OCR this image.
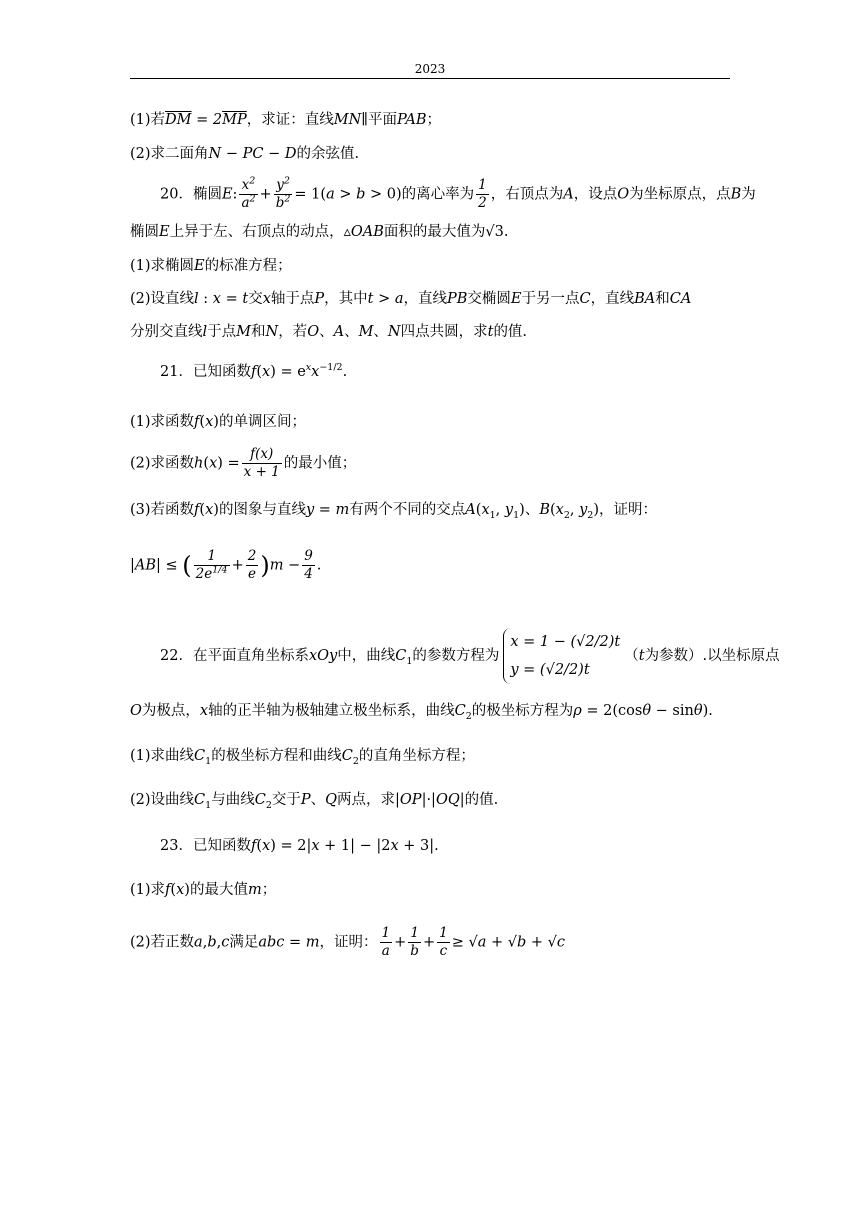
2023
(1)若$\overline{DM} = 2\overline{MP}$，求证：直线MN∥平面PAB；
(2)求二面角N − PC − D的余弦值.
20．椭圆E: $\frac{x^2}{a^2} + \frac{y^2}{b^2} = 1(a > b > 0)$的离心率为 $\frac{1}{2}$ ，右顶点为A，设点O为坐标原点，点B为
椭圆E上异于左、右顶点的动点，▵OAB面积的最大值为√3.
(1)求椭圆E的标准方程；
(2)设直线l : x = t交x轴于点P，其中t > a，直线PB交椭圆E于另一点C，直线BA和CA
分别交直线l于点M和N，若O、A、M、N四点共圆，求t的值.
21．已知函数$f(x) = e^xx^{-1/2}$.
(1)求函数f(x)的单调区间；
(2)求函数$h(x) = \frac{f(x)}{x + 1}$ 的最小值；
(3)若函数f(x)的图象与直线y = m有两个不同的交点$A(x_1$, $y_1$)、$B(x_2$, $y_2$)，证明：
|AB| ≤ ( $\frac{1}{2e^{1/4}} + \frac{2}{e} )m - \frac{9}{4}$ .
22．在平面直角坐标系xOy中，曲线$C_1$的参数方程为
x = 1 − (√2/2)t
y = (√2/2)t
（t为参数）.以坐标原点
O为极点，x轴的正半轴为极轴建立极坐标系，曲线$C_2$的极坐标方程为ρ = 2(cosθ − sinθ).
(1)求曲线$C_1$的极坐标方程和曲线$C_2$的直角坐标方程；
(2)设曲线$C_1$与曲线$C_2$交于P、Q两点，求|OP|·|OQ|的值.
23．已知函数f(x) = 2|x + 1| − |2x + 3|.
(1)求f(x)的最大值m；
(2)若正数a,b,c满足abc = m，证明： $\frac{1}{a} + \frac{1}{b} + \frac{1}{c} \ge √a + √b + √c$
